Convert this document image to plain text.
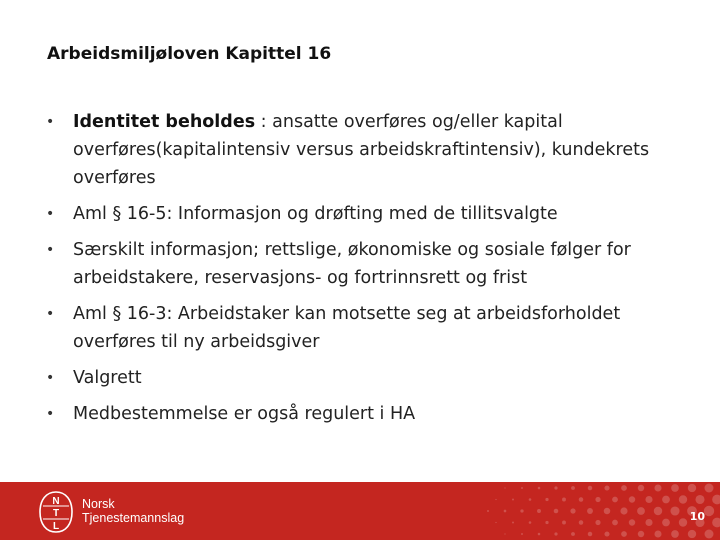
Arbeidsmiljøloven Kapittel 16
• Identitet beholdes : ansatte overføres og/eller kapital overføres(kapitalintensiv versus arbeidskraftintensiv), kundekrets overføres
• Aml § 16-5: Informasjon og drøfting med de tillitsvalgte
• Særskilt informasjon; rettslige, økonomiske og sosiale følger for arbeidstakere, reservasjons- og fortrinnsrett og frist
• Aml § 16-3: Arbeidstaker kan motsette seg at arbeidsforholdet overføres til ny arbeidsgiver
• Valgrett
• Medbestemmelse er også regulert i HA
N
T
L
Norsk
Tjenestemannslag	10
